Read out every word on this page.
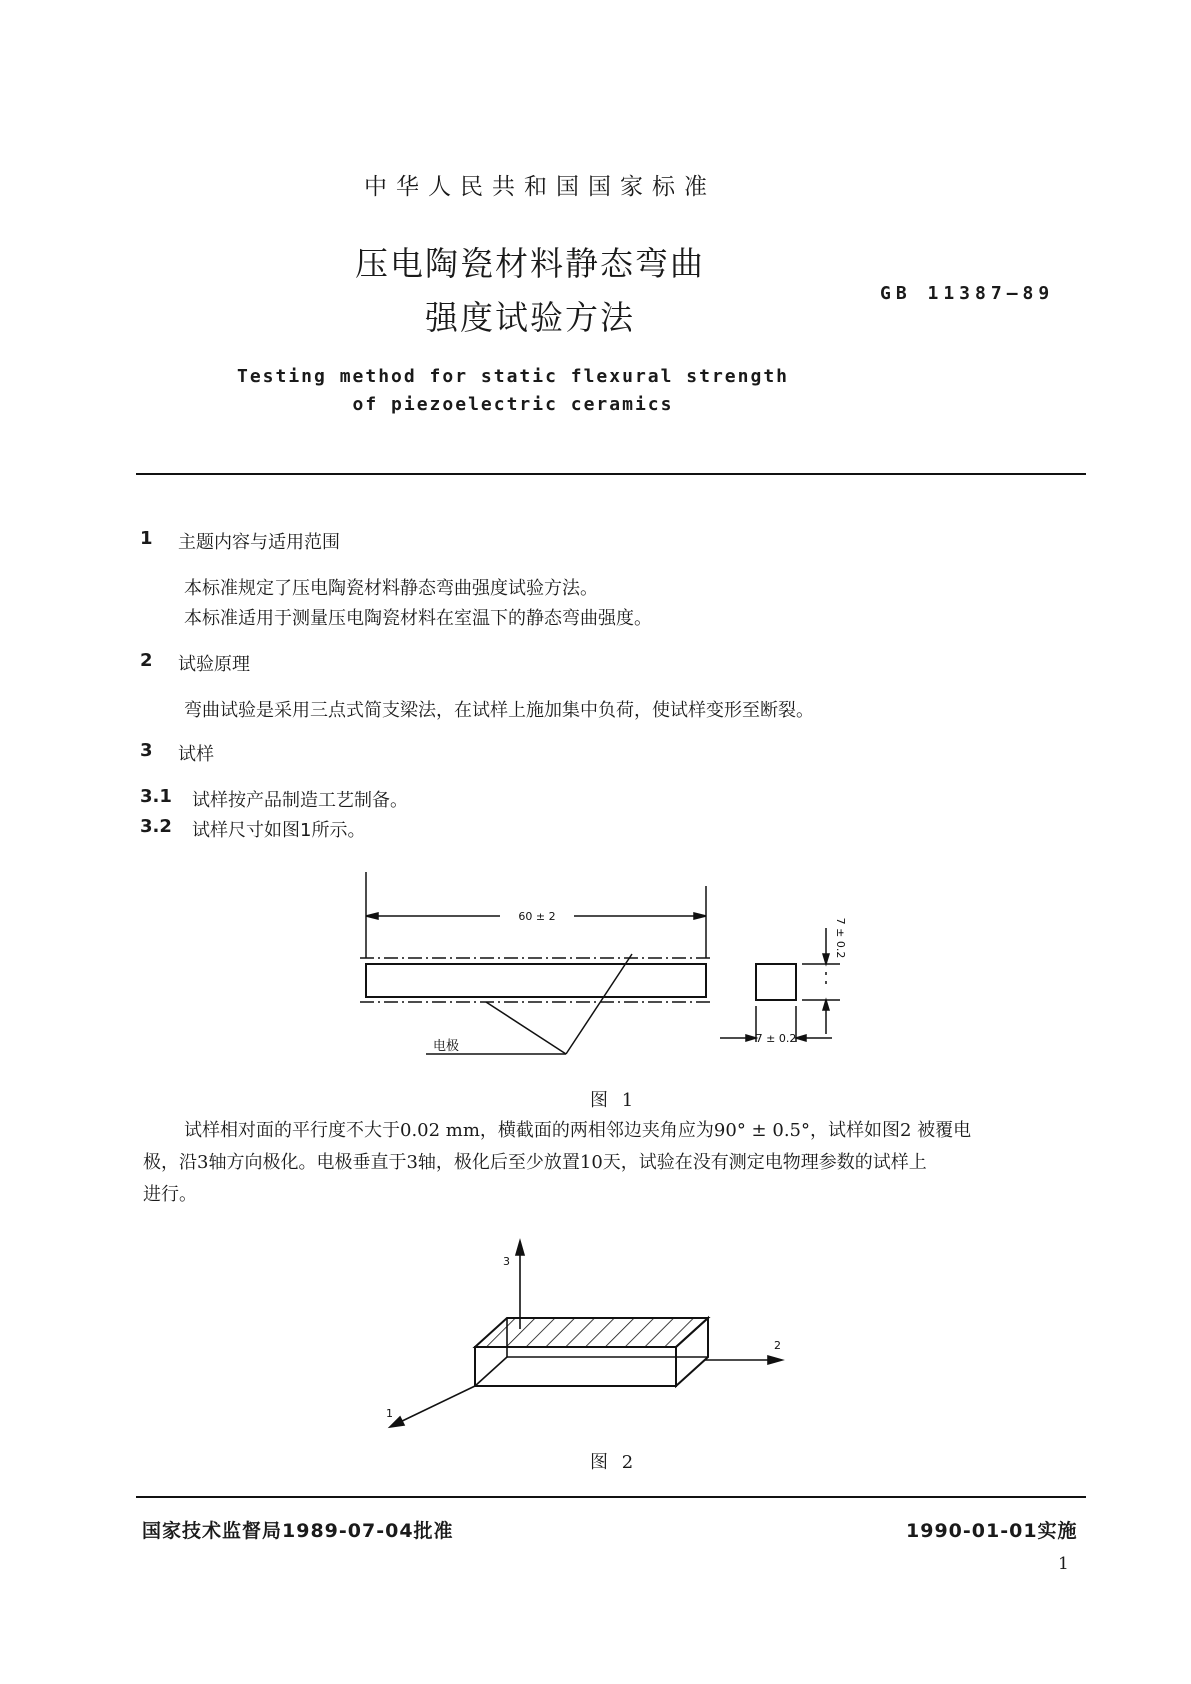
中华人民共和国国家标准
压电陶瓷材料静态弯曲
强度试验方法
GB 11387—89
Testing method for static flexural strength
of piezoelectric ceramics
1 主题内容与适用范围
本标准规定了压电陶瓷材料静态弯曲强度试验方法。
本标准适用于测量压电陶瓷材料在室温下的静态弯曲强度。
2 试验原理
弯曲试验是采用三点式简支梁法，在试样上施加集中负荷，使试样变形至断裂。
3 试样
3.1 试样按产品制造工艺制备。
3.2 试样尺寸如图1所示。
60 ± 2
7 ± 0.2
7 ± 0.2
电极
图 1
试样相对面的平行度不大于0.02 mm，横截面的两相邻边夹角应为90° ± 0.5°，试样如图2 被覆电
极，沿3轴方向极化。电极垂直于3轴，极化后至少放置10天，试验在没有测定电物理参数的试样上
进行。
3
2
1
图 2
国家技术监督局1989-07-04批准	1990-01-01实施
1
